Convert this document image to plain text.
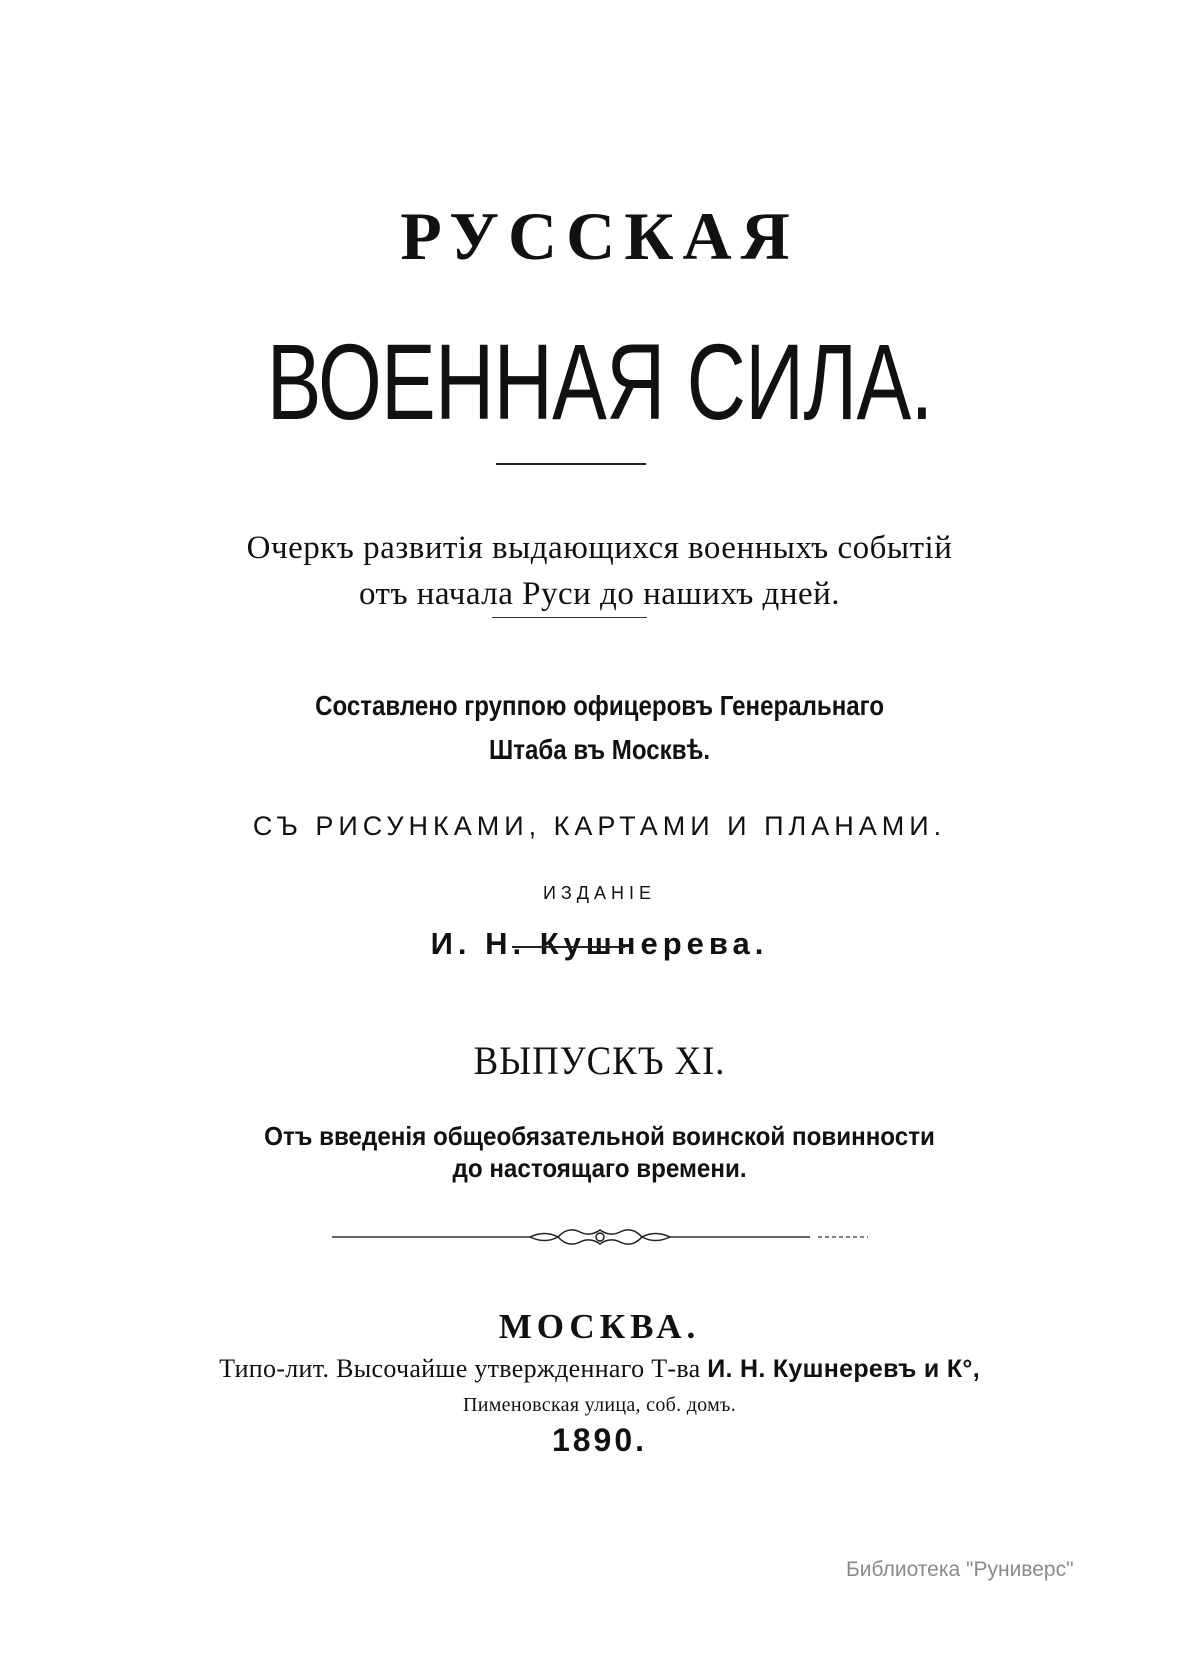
РУССКАЯ
ВОЕННАЯ СИЛА.
Очеркъ развитія выдающихся военныхъ событій
отъ начала Руси до нашихъ дней.
Составлено группою офицеровъ Генеральнаго
Штаба въ Москвѣ.
СЪ РИСУНКАМИ, КАРТАМИ И ПЛАНАМИ.
ИЗДАНІЕ
И. Н. Кушнерева.
ВЫПУСКЪ XI.
Отъ введенія общеобязательной воинской повинности
до настоящаго времени.
МОСКВА.
Типо-лит. Высочайше утвержденнаго Т-ва И. Н. Кушнеревъ и К°,
Пименовская улица, соб. домъ.
1890.
Библиотека "Руниверс"
